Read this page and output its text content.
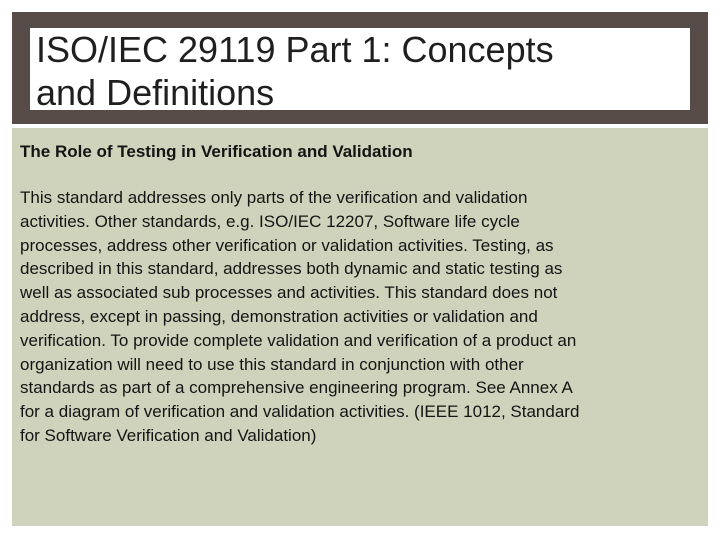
ISO/IEC 29119 Part 1: Concepts
and Definitions

The Role of Testing in Verification and Validation

This standard addresses only parts of the verification and validation
activities. Other standards, e.g. ISO/IEC 12207, Software life cycle
processes, address other verification or validation activities. Testing, as
described in this standard, addresses both dynamic and static testing as
well as associated sub processes and activities. This standard does not
address, except in passing, demonstration activities or validation and
verification. To provide complete validation and verification of a product an
organization will need to use this standard in conjunction with other
standards as part of a comprehensive engineering program. See Annex A
for a diagram of verification and validation activities. (IEEE 1012, Standard
for Software Verification and Validation)
